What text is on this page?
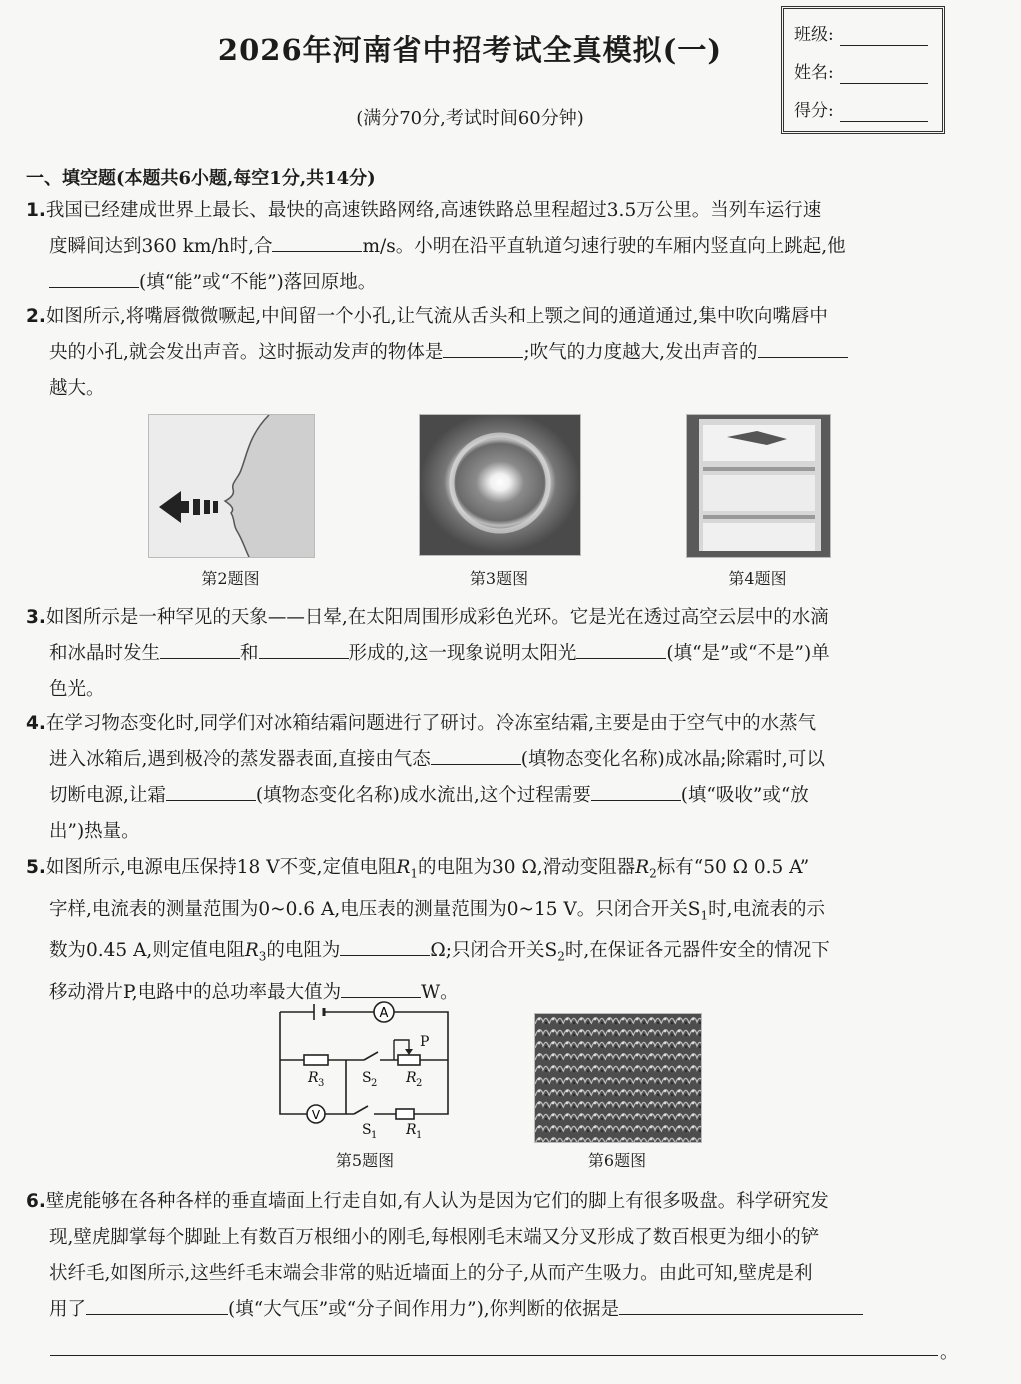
2026年河南省中招考试全真模拟(一)
(满分70分,考试时间60分钟)
班级:
姓名:
得分:
一、填空题(本题共6小题,每空1分,共14分)
1.我国已经建成世界上最长、最快的高速铁路网络,高速铁路总里程超过3.5万公里。当列车运行速
度瞬间达到360 km/h时,合	m/s。小明在沿平直轨道匀速行驶的车厢内竖直向上跳起,他
(填“能”或“不能”)落回原地。
2.如图所示,将嘴唇微微噘起,中间留一个小孔,让气流从舌头和上颚之间的通道通过,集中吹向嘴唇中
央的小孔,就会发出声音。这时振动发声的物体是	;吹气的力度越大,发出声音的
越大。
第2题图	第3题图	第4题图
3.如图所示是一种罕见的天象——日晕,在太阳周围形成彩色光环。它是光在透过高空云层中的水滴
和冰晶时发生	和	形成的,这一现象说明太阳光	(填“是”或“不是”)单
色光。
4.在学习物态变化时,同学们对冰箱结霜问题进行了研讨。冷冻室结霜,主要是由于空气中的水蒸气
进入冰箱后,遇到极冷的蒸发器表面,直接由气态	(填物态变化名称)成冰晶;除霜时,可以
切断电源,让霜	(填物态变化名称)成水流出,这个过程需要	(填“吸收”或“放
出”)热量。
5.如图所示,电源电压保持18 V不变,定值电阻$R_1$的电阻为30 Ω,滑动变阻器$R_2$标有“50 Ω 0.5 A”
字样,电流表的测量范围为0~0.6 A,电压表的测量范围为0~15 V。只闭合开关$S_1$时,电流表的示
数为0.45 A,则定值电阻$R_3$的电阻为	Ω;只闭合开关$S_2$时,在保证各元器件安全的情况下
移动滑片P,电路中的总功率最大值为	W。
A
V
P
R 3	S 2 R 2
S 1 R 1
第5题图	第6题图
6.壁虎能够在各种各样的垂直墙面上行走自如,有人认为是因为它们的脚上有很多吸盘。科学研究发
现,壁虎脚掌每个脚趾上有数百万根细小的刚毛,每根刚毛末端又分叉形成了数百根更为细小的铲
状纤毛,如图所示,这些纤毛末端会非常的贴近墙面上的分子,从而产生吸力。由此可知,壁虎是利
用了	(填“大气压”或“分子间作用力”),你判断的依据是
。
